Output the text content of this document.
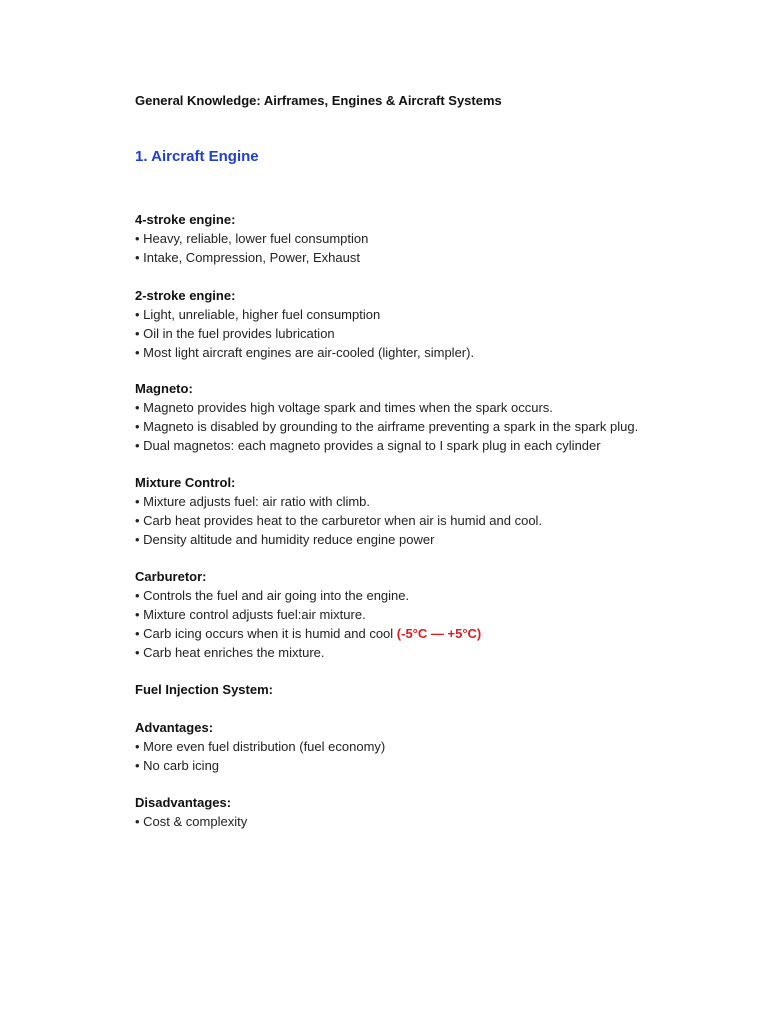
General Knowledge: Airframes, Engines & Aircraft Systems

1. Aircraft Engine

4-stroke engine:

• Heavy, reliable, lower fuel consumption

• Intake, Compression, Power, Exhaust

2-stroke engine:

• Light, unreliable, higher fuel consumption

• Oil in the fuel provides lubrication

• Most light aircraft engines are air-cooled (lighter, simpler).

Magneto:

• Magneto provides high voltage spark and times when the spark occurs.

• Magneto is disabled by grounding to the airframe preventing a spark in the spark plug.

• Dual magnetos: each magneto provides a signal to I spark plug in each cylinder

Mixture Control:

• Mixture adjusts fuel: air ratio with climb.

• Carb heat provides heat to the carburetor when air is humid and cool.

• Density altitude and humidity reduce engine power

Carburetor:

• Controls the fuel and air going into the engine.

• Mixture control adjusts fuel:air mixture.

• Carb icing occurs when it is humid and cool (-5°C — +5°C)

• Carb heat enriches the mixture.

Fuel Injection System:

Advantages:

• More even fuel distribution (fuel economy)

• No carb icing

Disadvantages:

• Cost & complexity
